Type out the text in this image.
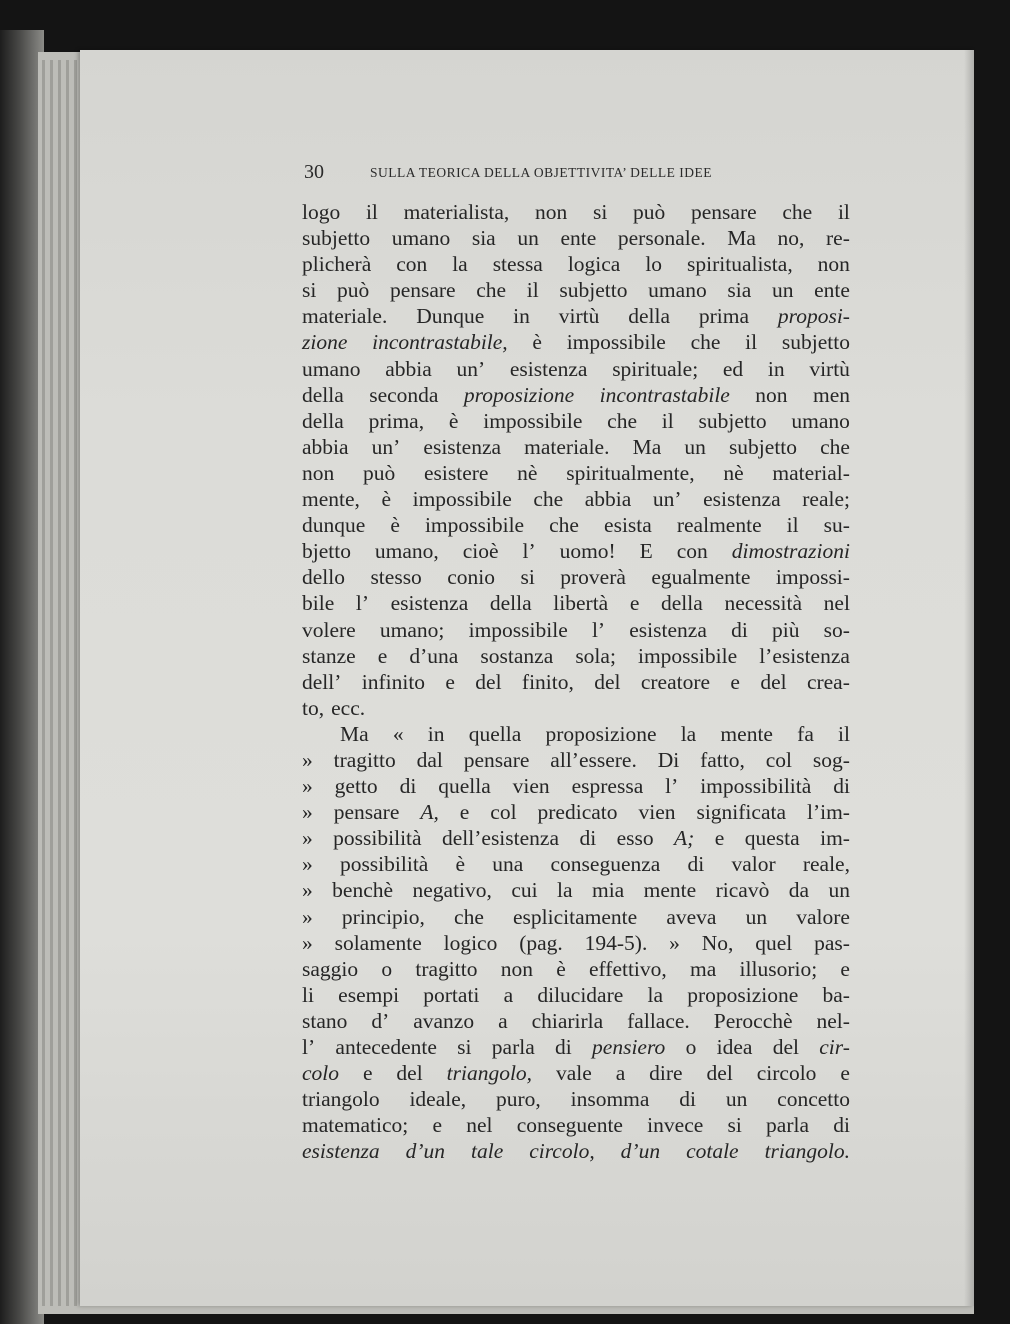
30	SULLA TEORICA DELLA OBJETTIVITA’ DELLE IDEE
logo il materialista, non si può pensare che il
subjetto umano sia un ente personale. Ma no, re-
plicherà con la stessa logica lo spiritualista, non
si può pensare che il subjetto umano sia un ente
materiale. Dunque in virtù della prima proposi-
zione incontrastabile, è impossibile che il subjetto
umano abbia un’ esistenza spirituale; ed in virtù
della seconda proposizione incontrastabile non men
della prima, è impossibile che il subjetto umano
abbia un’ esistenza materiale. Ma un subjetto che
non può esistere nè spiritualmente, nè material-
mente, è impossibile che abbia un’ esistenza reale;
dunque è impossibile che esista realmente il su-
bjetto umano, cioè l’ uomo! E con dimostrazioni
dello stesso conio si proverà egualmente impossi-
bile l’ esistenza della libertà e della necessità nel
volere umano; impossibile l’ esistenza di più so-
stanze e d’una sostanza sola; impossibile l’esistenza
dell’ infinito e del finito, del creatore e del crea-
to, ecc.
Ma « in quella proposizione la mente fa il
» tragitto dal pensare all’essere. Di fatto, col sog-
» getto di quella vien espressa l’ impossibilità di
» pensare A, e col predicato vien significata l’im-
» possibilità dell’esistenza di esso A; e questa im-
» possibilità è una conseguenza di valor reale,
» benchè negativo, cui la mia mente ricavò da un
» principio, che esplicitamente aveva un valore
» solamente logico (pag. 194-5). » No, quel pas-
saggio o tragitto non è effettivo, ma illusorio; e
li esempi portati a dilucidare la proposizione ba-
stano d’ avanzo a chiarirla fallace. Perocchè nel-
l’ antecedente si parla di pensiero o idea del cir-
colo e del triangolo, vale a dire del circolo e
triangolo ideale, puro, insomma di un concetto
matematico; e nel conseguente invece si parla di
esistenza d’un tale circolo, d’un cotale triangolo.
